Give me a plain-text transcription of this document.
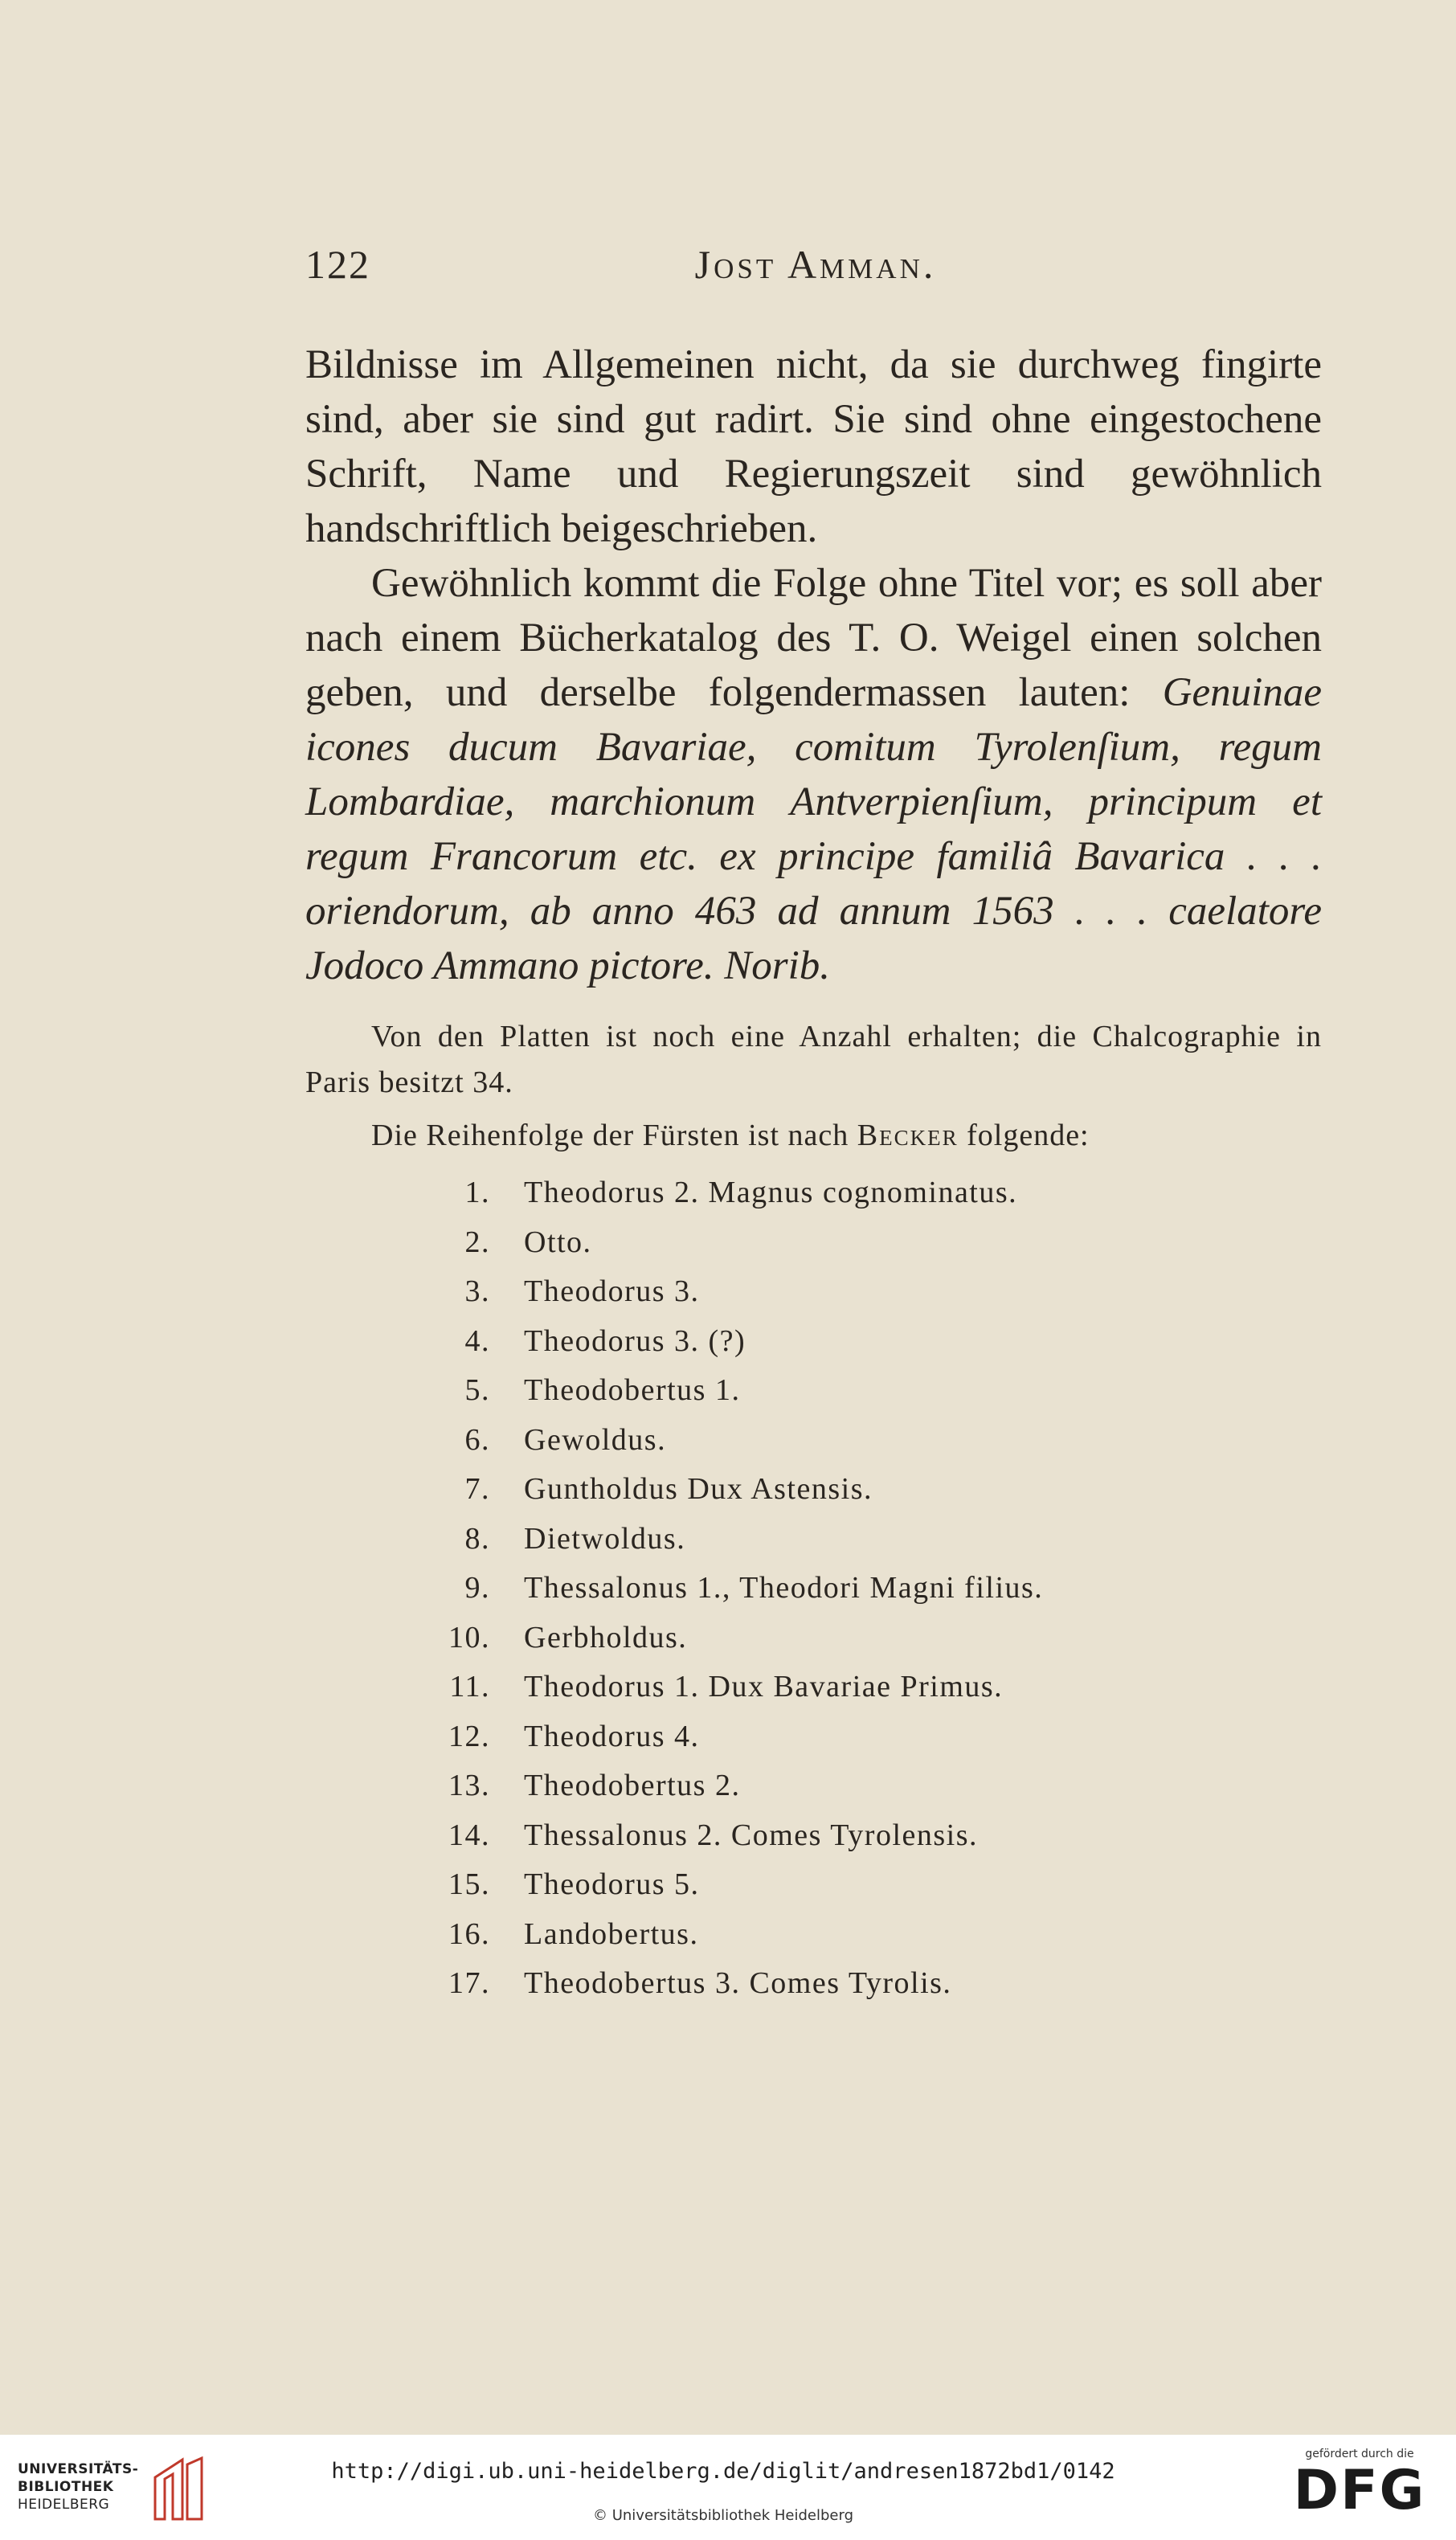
122	Jost Amman.

Bildnisse im Allgemeinen nicht, da sie durchweg fingirte sind, aber sie sind gut radirt. Sie sind ohne eingestochene Schrift, Name und Regierungszeit sind gewöhnlich handschriftlich beigeschrieben.

Gewöhnlich kommt die Folge ohne Titel vor; es soll aber nach einem Bücherkatalog des T. O. Weigel einen solchen geben, und derselbe folgendermassen lauten: Genuinae icones ducum Bavariae, comitum Tyrolenſium, regum Lombardiae, marchionum Antverpienſium, principum et regum Francorum etc. ex principe familiâ Bavarica . . . oriendorum, ab anno 463 ad annum 1563 . . . caelatore Jodoco Ammano pictore. Norib.

Von den Platten ist noch eine Anzahl erhalten; die Chalcographie in Paris besitzt 34.

Die Reihenfolge der Fürsten ist nach Becker folgende:

1. Theodorus 2. Magnus cognominatus.
2. Otto.
3. Theodorus 3.
4. Theodorus 3. (?)
5. Theodobertus 1.
6. Gewoldus.
7. Guntholdus Dux Astensis.
8. Dietwoldus.
9. Thessalonus 1., Theodori Magni filius.
10. Gerbholdus.
11. Theodorus 1. Dux Bavariae Primus.
12. Theodorus 4.
13. Theodobertus 2.
14. Thessalonus 2. Comes Tyrolensis.
15. Theodorus 5.
16. Landobertus.
17. Theodobertus 3. Comes Tyrolis.
UNIVERSITÄTS-
BIBLIOTHEK
HEIDELBERG
http://digi.ub.uni-heidelberg.de/diglit/andresen1872bd1/0142
© Universitätsbibliothek Heidelberg
gefördert durch die
DFG
